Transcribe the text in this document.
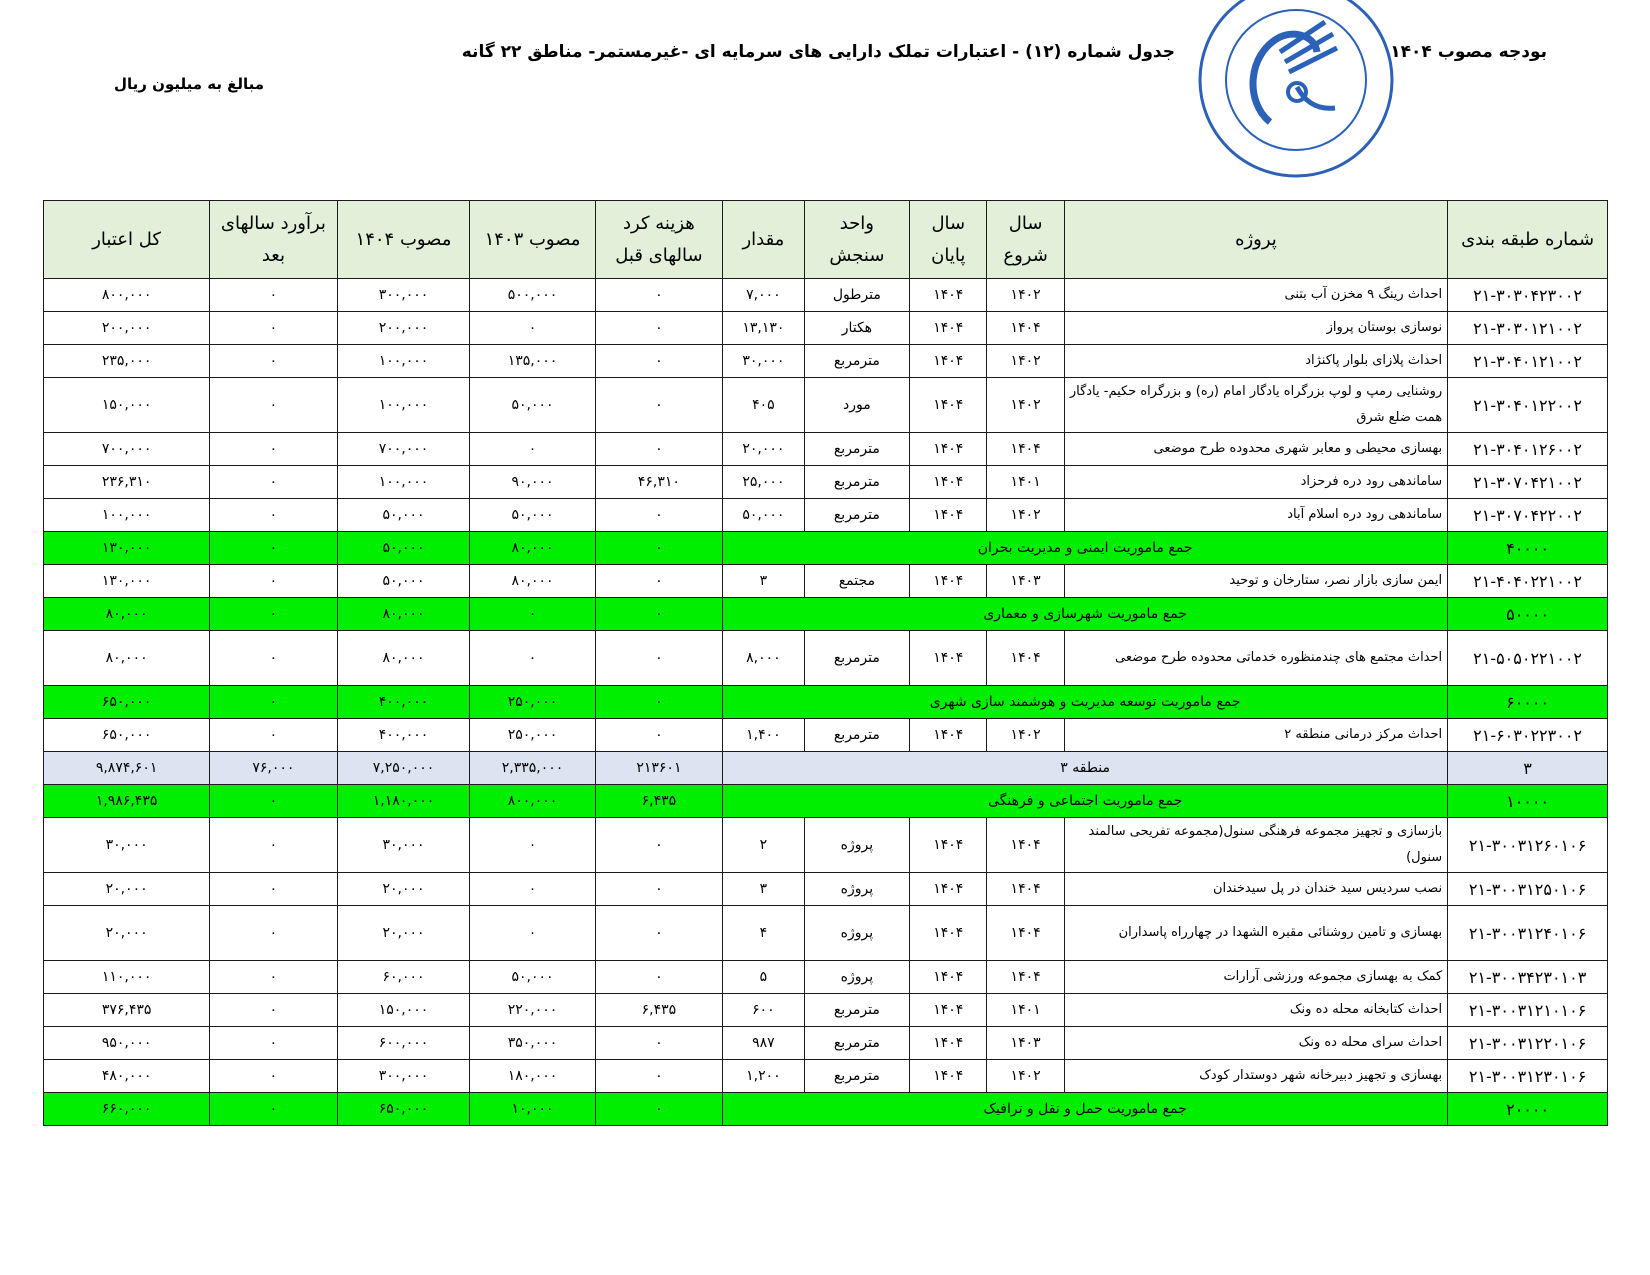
بودجه مصوب ۱۴۰۴
جدول شماره (۱۲) - اعتبارات تملک دارایی های سرمایه ای -غیرمستمر- مناطق ۲۲ گانه
مبالغ به میلیون ریال
شماره طبقه بندی	پروژه	سال شروع	سال پایان	واحد سنجش	مقدار	هزینه کرد سالهای قبل	مصوب ۱۴۰۳	مصوب ۱۴۰۴	برآورد سالهای بعد	کل اعتبار
۲۱-۳۰۳۰۴۲۳۰۰۲	احداث رینگ ۹ مخزن آب بتنی	۱۴۰۲	۱۴۰۴	مترطول	۷,۰۰۰	۰	۵۰۰,۰۰۰	۳۰۰,۰۰۰	۰	۸۰۰,۰۰۰
۲۱-۳۰۳۰۱۲۱۰۰۲	نوسازی بوستان پرواز	۱۴۰۴	۱۴۰۴	هکتار	۱۳,۱۳۰	۰	۰	۲۰۰,۰۰۰	۰	۲۰۰,۰۰۰
۲۱-۳۰۴۰۱۲۱۰۰۲	احداث پلازای بلوار پاکنژاد	۱۴۰۲	۱۴۰۴	مترمربع	۳۰,۰۰۰	۰	۱۳۵,۰۰۰	۱۰۰,۰۰۰	۰	۲۳۵,۰۰۰
۲۱-۳۰۴۰۱۲۲۰۰۲	روشنایی رمپ و لوپ بزرگراه یادگار امام (ره) و بزرگراه حکیم- یادگار همت ضلع شرق	۱۴۰۲	۱۴۰۴	مورد	۴۰۵	۰	۵۰,۰۰۰	۱۰۰,۰۰۰	۰	۱۵۰,۰۰۰
۲۱-۳۰۴۰۱۲۶۰۰۲	بهسازی محیطی و معابر شهری محدوده طرح موضعی	۱۴۰۴	۱۴۰۴	مترمربع	۲۰,۰۰۰	۰	۰	۷۰۰,۰۰۰	۰	۷۰۰,۰۰۰
۲۱-۳۰۷۰۴۲۱۰۰۲	ساماندهی رود دره فرحزاد	۱۴۰۱	۱۴۰۴	مترمربع	۲۵,۰۰۰	۴۶,۳۱۰	۹۰,۰۰۰	۱۰۰,۰۰۰	۰	۲۳۶,۳۱۰
۲۱-۳۰۷۰۴۲۲۰۰۲	ساماندهی رود دره اسلام آباد	۱۴۰۲	۱۴۰۴	مترمربع	۵۰,۰۰۰	۰	۵۰,۰۰۰	۵۰,۰۰۰	۰	۱۰۰,۰۰۰
۴۰۰۰۰	جمع ماموریت ایمنی و مدیریت بحران					۰	۸۰,۰۰۰	۵۰,۰۰۰	۰	۱۳۰,۰۰۰
۲۱-۴۰۴۰۲۲۱۰۰۲	ایمن سازی بازار نصر، ستارخان و توحید	۱۴۰۳	۱۴۰۴	مجتمع	۳	۰	۸۰,۰۰۰	۵۰,۰۰۰	۰	۱۳۰,۰۰۰
۵۰۰۰۰	جمع ماموریت شهرسازی و معماری					۰	۰	۸۰,۰۰۰	۰	۸۰,۰۰۰
۲۱-۵۰۵۰۲۲۱۰۰۲	احداث مجتمع های چندمنظوره خدماتی محدوده طرح موضعی	۱۴۰۴	۱۴۰۴	مترمربع	۸,۰۰۰	۰	۰	۸۰,۰۰۰	۰	۸۰,۰۰۰
۶۰۰۰۰	جمع ماموریت توسعه مدیریت و هوشمند سازی شهری					۰	۲۵۰,۰۰۰	۴۰۰,۰۰۰	۰	۶۵۰,۰۰۰
۲۱-۶۰۳۰۲۲۳۰۰۲	احداث مرکز درمانی منطقه ۲	۱۴۰۲	۱۴۰۴	مترمربع	۱,۴۰۰	۰	۲۵۰,۰۰۰	۴۰۰,۰۰۰	۰	۶۵۰,۰۰۰
۳	منطقه ۳					۲۱۳۶۰۱	۲,۳۳۵,۰۰۰	۷,۲۵۰,۰۰۰	۷۶,۰۰۰	۹,۸۷۴,۶۰۱
۱۰۰۰۰	جمع ماموریت اجتماعی و فرهنگی					۶,۴۳۵	۸۰۰,۰۰۰	۱,۱۸۰,۰۰۰	۰	۱,۹۸۶,۴۳۵
۲۱-۳۰۰۳۱۲۶۰۱۰۶	بازسازی و تجهیز مجموعه فرهنگی سنول(مجموعه تفریحی سالمند سنول)	۱۴۰۴	۱۴۰۴	پروژه	۲	۰	۰	۳۰,۰۰۰	۰	۳۰,۰۰۰
۲۱-۳۰۰۳۱۲۵۰۱۰۶	نصب سردیس سید خندان در پل سیدخندان	۱۴۰۴	۱۴۰۴	پروژه	۳	۰	۰	۲۰,۰۰۰	۰	۲۰,۰۰۰
۲۱-۳۰۰۳۱۲۴۰۱۰۶	بهسازی و تامین روشنائی مقبره الشهدا در چهارراه پاسداران	۱۴۰۴	۱۴۰۴	پروژه	۴	۰	۰	۲۰,۰۰۰	۰	۲۰,۰۰۰
۲۱-۳۰۰۳۴۲۳۰۱۰۳	کمک به بهسازی مجموعه ورزشی آرارات	۱۴۰۴	۱۴۰۴	پروژه	۵	۰	۵۰,۰۰۰	۶۰,۰۰۰	۰	۱۱۰,۰۰۰
۲۱-۳۰۰۳۱۲۱۰۱۰۶	احداث کتابخانه محله ده ونک	۱۴۰۱	۱۴۰۴	مترمربع	۶۰۰	۶,۴۳۵	۲۲۰,۰۰۰	۱۵۰,۰۰۰	۰	۳۷۶,۴۳۵
۲۱-۳۰۰۳۱۲۲۰۱۰۶	احداث سرای محله ده ونک	۱۴۰۳	۱۴۰۴	مترمربع	۹۸۷	۰	۳۵۰,۰۰۰	۶۰۰,۰۰۰	۰	۹۵۰,۰۰۰
۲۱-۳۰۰۳۱۲۳۰۱۰۶	بهسازی و تجهیز دبیرخانه شهر دوستدار کودک	۱۴۰۲	۱۴۰۴	مترمربع	۱,۲۰۰	۰	۱۸۰,۰۰۰	۳۰۰,۰۰۰	۰	۴۸۰,۰۰۰
۲۰۰۰۰	جمع ماموریت حمل و نقل و ترافیک					۰	۱۰,۰۰۰	۶۵۰,۰۰۰	۰	۶۶۰,۰۰۰
